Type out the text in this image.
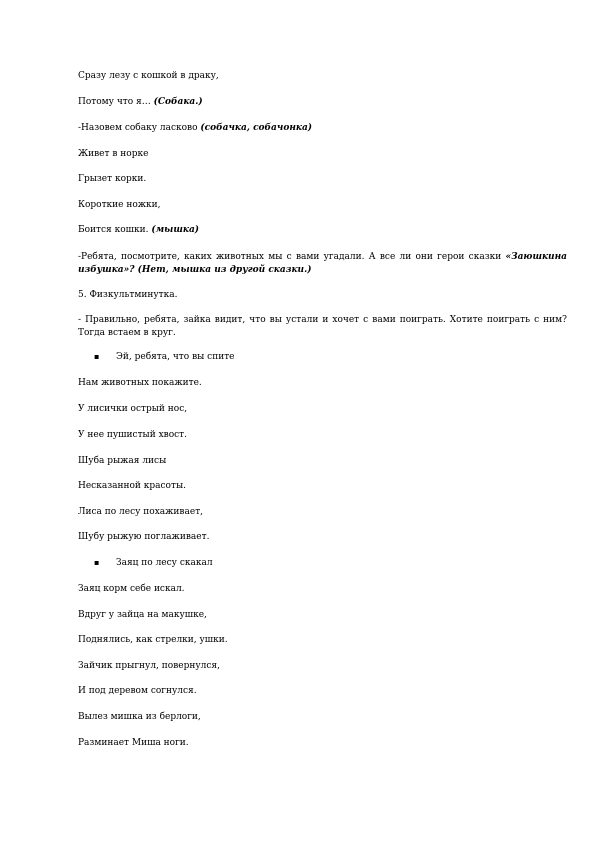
Сразу лезу с кошкой в драку,
Потому что я… (Собака.)
-Назовем собаку ласково (собачка, собачонка)
Живет в норке
Грызет корки.
Короткие ножки,
Боится кошки. (мышка)
-Ребята, посмотрите, каких животных мы с вами угадали. А все ли они герои сказки «Заюшкина избушка»? (Нет, мышка из другой сказки.)
5. Физкультминутка.
- Правильно, ребята, зайка видит, что вы устали и хочет с вами поиграть. Хотите поиграть с ним? Тогда встаем в круг.
▪ Эй, ребята, что вы спите
Нам животных покажите.
У лисички острый нос,
У нее пушистый хвост.
Шуба рыжая лисы
Несказанной красоты.
Лиса по лесу похаживает,
Шубу рыжую поглаживает.
▪ Заяц по лесу скакал
Заяц корм себе искал.
Вдруг у зайца на макушке,
Поднялись, как стрелки, ушки.
Зайчик прыгнул, повернулся,
И под деревом согнулся.
Вылез мишка из берлоги,
Разминает Миша ноги.
